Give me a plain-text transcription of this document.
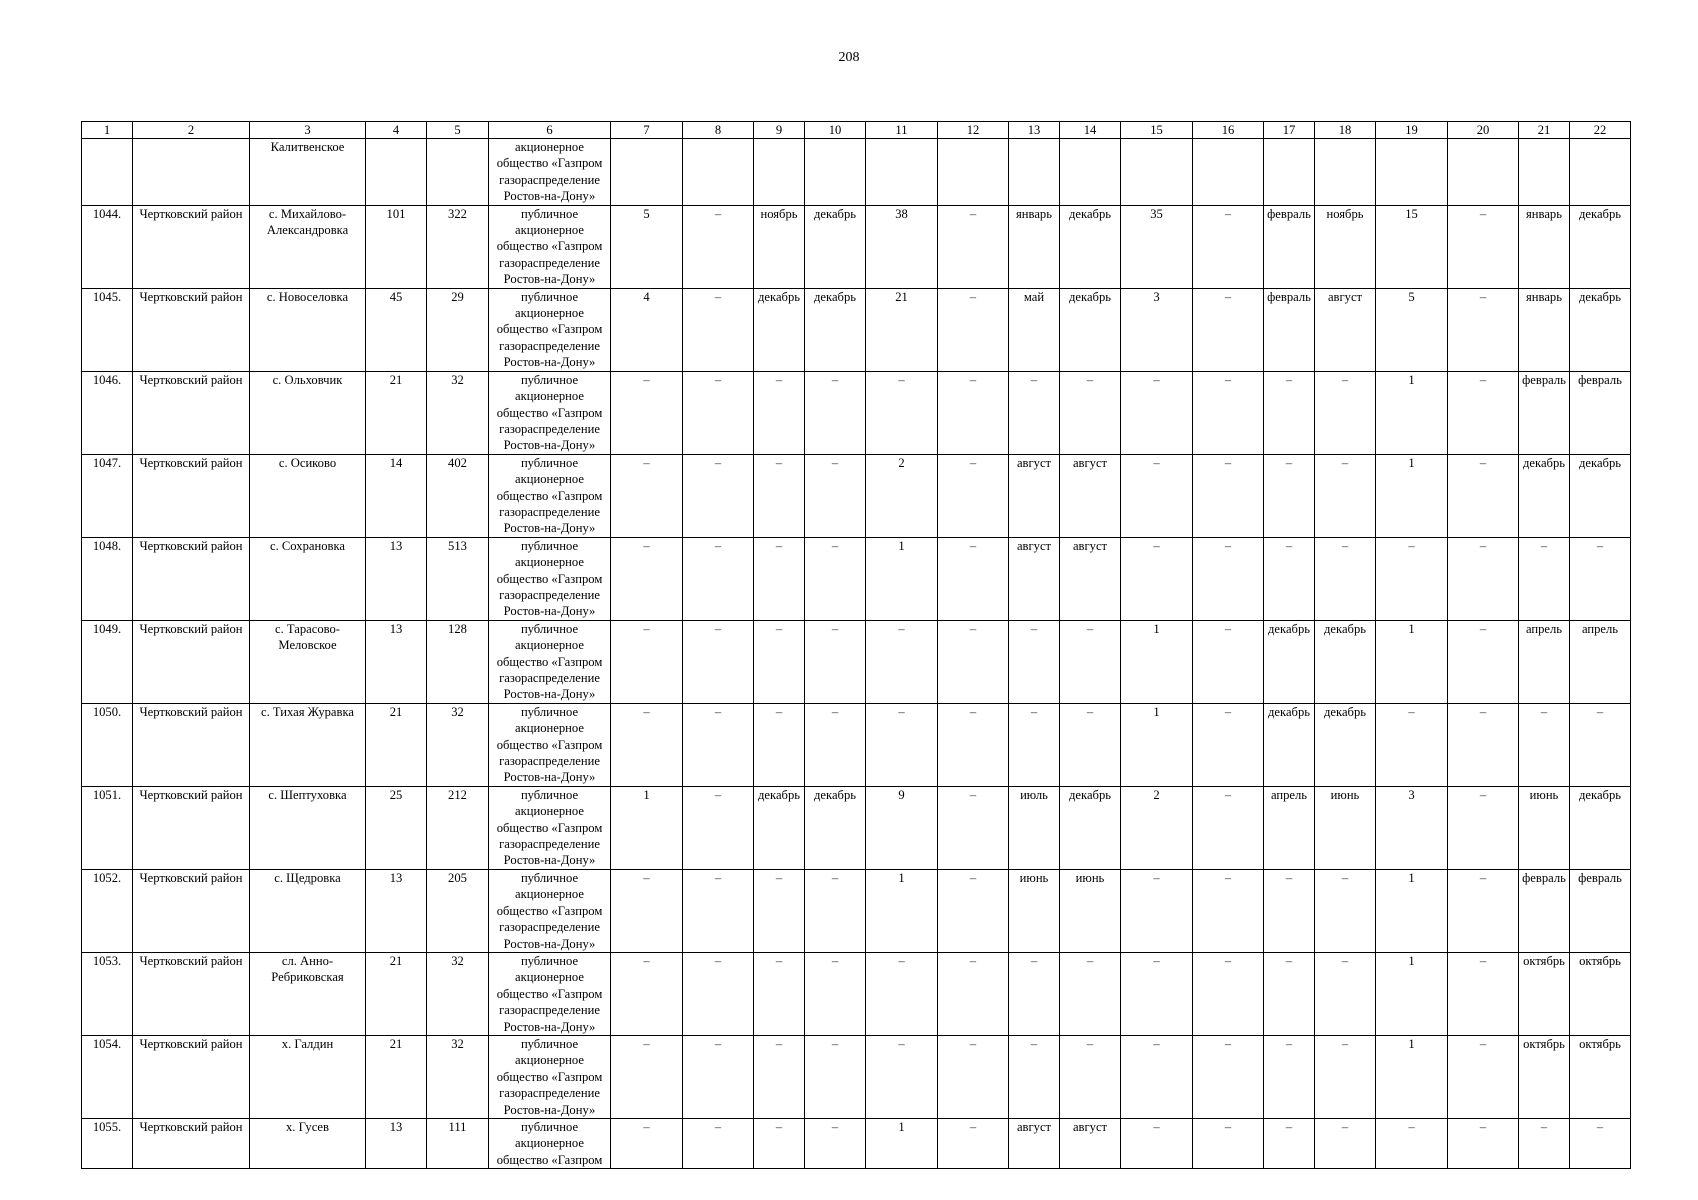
208
1	2	3	4	5	6	7	8	9	10	11	12	13	14	15	16	17	18	19	20	21	22
		Калитвенское			акционерное общество «Газпром газораспределение Ростов-на-Дону»																
1044.	Чертковский район	с. Михайлово-Александровка	101	322	публичное акционерное общество «Газпром газораспределение Ростов-на-Дону»	5	–	ноябрь	декабрь	38	–	январь	декабрь	35	–	февраль	ноябрь	15	–	январь	декабрь
1045.	Чертковский район	с. Новоселовка	45	29	публичное акционерное общество «Газпром газораспределение Ростов-на-Дону»	4	–	декабрь	декабрь	21	–	май	декабрь	3	–	февраль	август	5	–	январь	декабрь
1046.	Чертковский район	с. Ольховчик	21	32	публичное акционерное общество «Газпром газораспределение Ростов-на-Дону»	–	–	–	–	–	–	–	–	–	–	–	–	1	–	февраль	февраль
1047.	Чертковский район	с. Осиково	14	402	публичное акционерное общество «Газпром газораспределение Ростов-на-Дону»	–	–	–	–	2	–	август	август	–	–	–	–	1	–	декабрь	декабрь
1048.	Чертковский район	с. Сохрановка	13	513	публичное акционерное общество «Газпром газораспределение Ростов-на-Дону»	–	–	–	–	1	–	август	август	–	–	–	–	–	–	–	–
1049.	Чертковский район	с. Тарасово-Меловское	13	128	публичное акционерное общество «Газпром газораспределение Ростов-на-Дону»	–	–	–	–	–	–	–	–	1	–	декабрь	декабрь	1	–	апрель	апрель
1050.	Чертковский район	с. Тихая Журавка	21	32	публичное акционерное общество «Газпром газораспределение Ростов-на-Дону»	–	–	–	–	–	–	–	–	1	–	декабрь	декабрь	–	–	–	–
1051.	Чертковский район	с. Шептуховка	25	212	публичное акционерное общество «Газпром газораспределение Ростов-на-Дону»	1	–	декабрь	декабрь	9	–	июль	декабрь	2	–	апрель	июнь	3	–	июнь	декабрь
1052.	Чертковский район	с. Щедровка	13	205	публичное акционерное общество «Газпром газораспределение Ростов-на-Дону»	–	–	–	–	1	–	июнь	июнь	–	–	–	–	1	–	февраль	февраль
1053.	Чертковский район	сл. Анно-Ребриковская	21	32	публичное акционерное общество «Газпром газораспределение Ростов-на-Дону»	–	–	–	–	–	–	–	–	–	–	–	–	1	–	октябрь	октябрь
1054.	Чертковский район	х. Галдин	21	32	публичное акционерное общество «Газпром газораспределение Ростов-на-Дону»	–	–	–	–	–	–	–	–	–	–	–	–	1	–	октябрь	октябрь
1055.	Чертковский район	х. Гусев	13	111	публичное акционерное общество «Газпром	–	–	–	–	1	–	август	август	–	–	–	–	–	–	–	–
